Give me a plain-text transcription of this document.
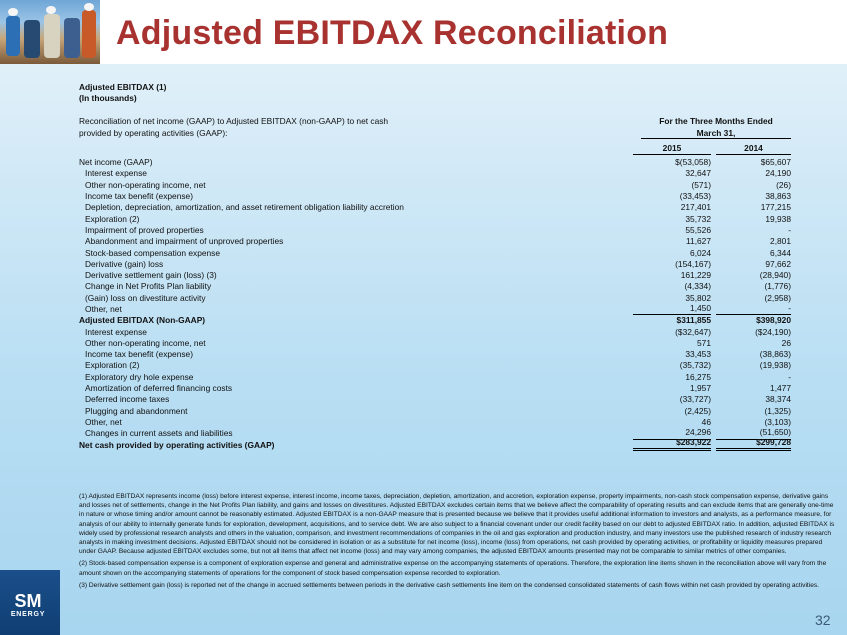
Adjusted EBITDAX Reconciliation
Adjusted EBITDAX (1)
(In thousands)
Reconciliation of net income (GAAP) to Adjusted EBITDAX (non-GAAP) to net cash	For the Three Months Ended
provided by operating activities (GAAP):	March 31,
2015	2014
Net income (GAAP)	$(53,058)	$65,607
Interest expense	32,647	24,190
Other non-operating income, net	(571)	(26)
Income tax benefit (expense)	(33,453)	38,863
Depletion, depreciation, amortization, and asset retirement obligation liability accretion	217,401	177,215
Exploration (2)	35,732	19,938
Impairment of proved properties	55,526	-
Abandonment and impairment of unproved properties	11,627	2,801
Stock-based compensation expense	6,024	6,344
Derivative (gain) loss	(154,167)	97,662
Derivative settlement gain (loss) (3)	161,229	(28,940)
Change in Net Profits Plan liability	(4,334)	(1,776)
(Gain) loss on divestiture activity	35,802	(2,958)
Other, net	1,450	-
Adjusted EBITDAX (Non-GAAP)	$311,855	$398,920
Interest expense	($32,647)	($24,190)
Other non-operating income, net	571	26
Income tax benefit (expense)	33,453	(38,863)
Exploration (2)	(35,732)	(19,938)
Exploratory dry hole expense	16,275	-
Amortization of deferred financing costs	1,957	1,477
Deferred income taxes	(33,727)	38,374
Plugging and abandonment	(2,425)	(1,325)
Other, net	46	(3,103)
Changes in current assets and liabilities	24,296	(51,650)
Net cash provided by operating activities (GAAP)	$283,922	$299,728

(1) Adjusted EBITDAX represents income (loss) before interest expense, interest income, income taxes, depreciation, depletion, amortization, and accretion, exploration expense, property impairments, non-cash stock compensation expense, derivative gains and losses net of settlements, change in the Net Profits Plan liability, and gains and losses on divestitures. Adjusted EBITDAX excludes certain items that we believe affect the comparability of operating results and can exclude items that are generally one-time in nature or whose timing and/or amount cannot be reasonably estimated. Adjusted EBITDAX is a non-GAAP measure that is presented because we believe that it provides useful additional information to investors and analysts, as a performance measure, for analysis of our ability to internally generate funds for exploration, development, acquisitions, and to service debt. We are also subject to a financial covenant under our credit facility based on our debt to adjusted EBITDAX ratio. In addition, adjusted EBITDAX is widely used by professional research analysts and others in the valuation, comparison, and investment recommendations of companies in the oil and gas exploration and production industry, and many investors use the published research of industry research analysts in making investment decisions. Adjusted EBITDAX should not be considered in isolation or as a substitute for net income (loss), income (loss) from operations, net cash provided by operating activities, or profitability or liquidity measures prepared under GAAP. Because adjusted EBITDAX excludes some, but not all items that affect net income (loss) and may vary among companies, the adjusted EBITDAX amounts presented may not be comparable to similar metrics of other companies.

(2) Stock-based compensation expense is a component of exploration expense and general and administrative expense on the accompanying statements of operations. Therefore, the exploration line items shown in the reconciliation above will vary from the amount shown on the accompanying statements of operations for the component of stock based compensation expense recorded to exploration.

(3) Derivative settlement gain (loss) is reported net of the change in accrued settlements between periods in the derivative cash settlements line item on the condensed consolidated statements of cash flows within net cash provided by operating activities.

SM
ENERGY	32
